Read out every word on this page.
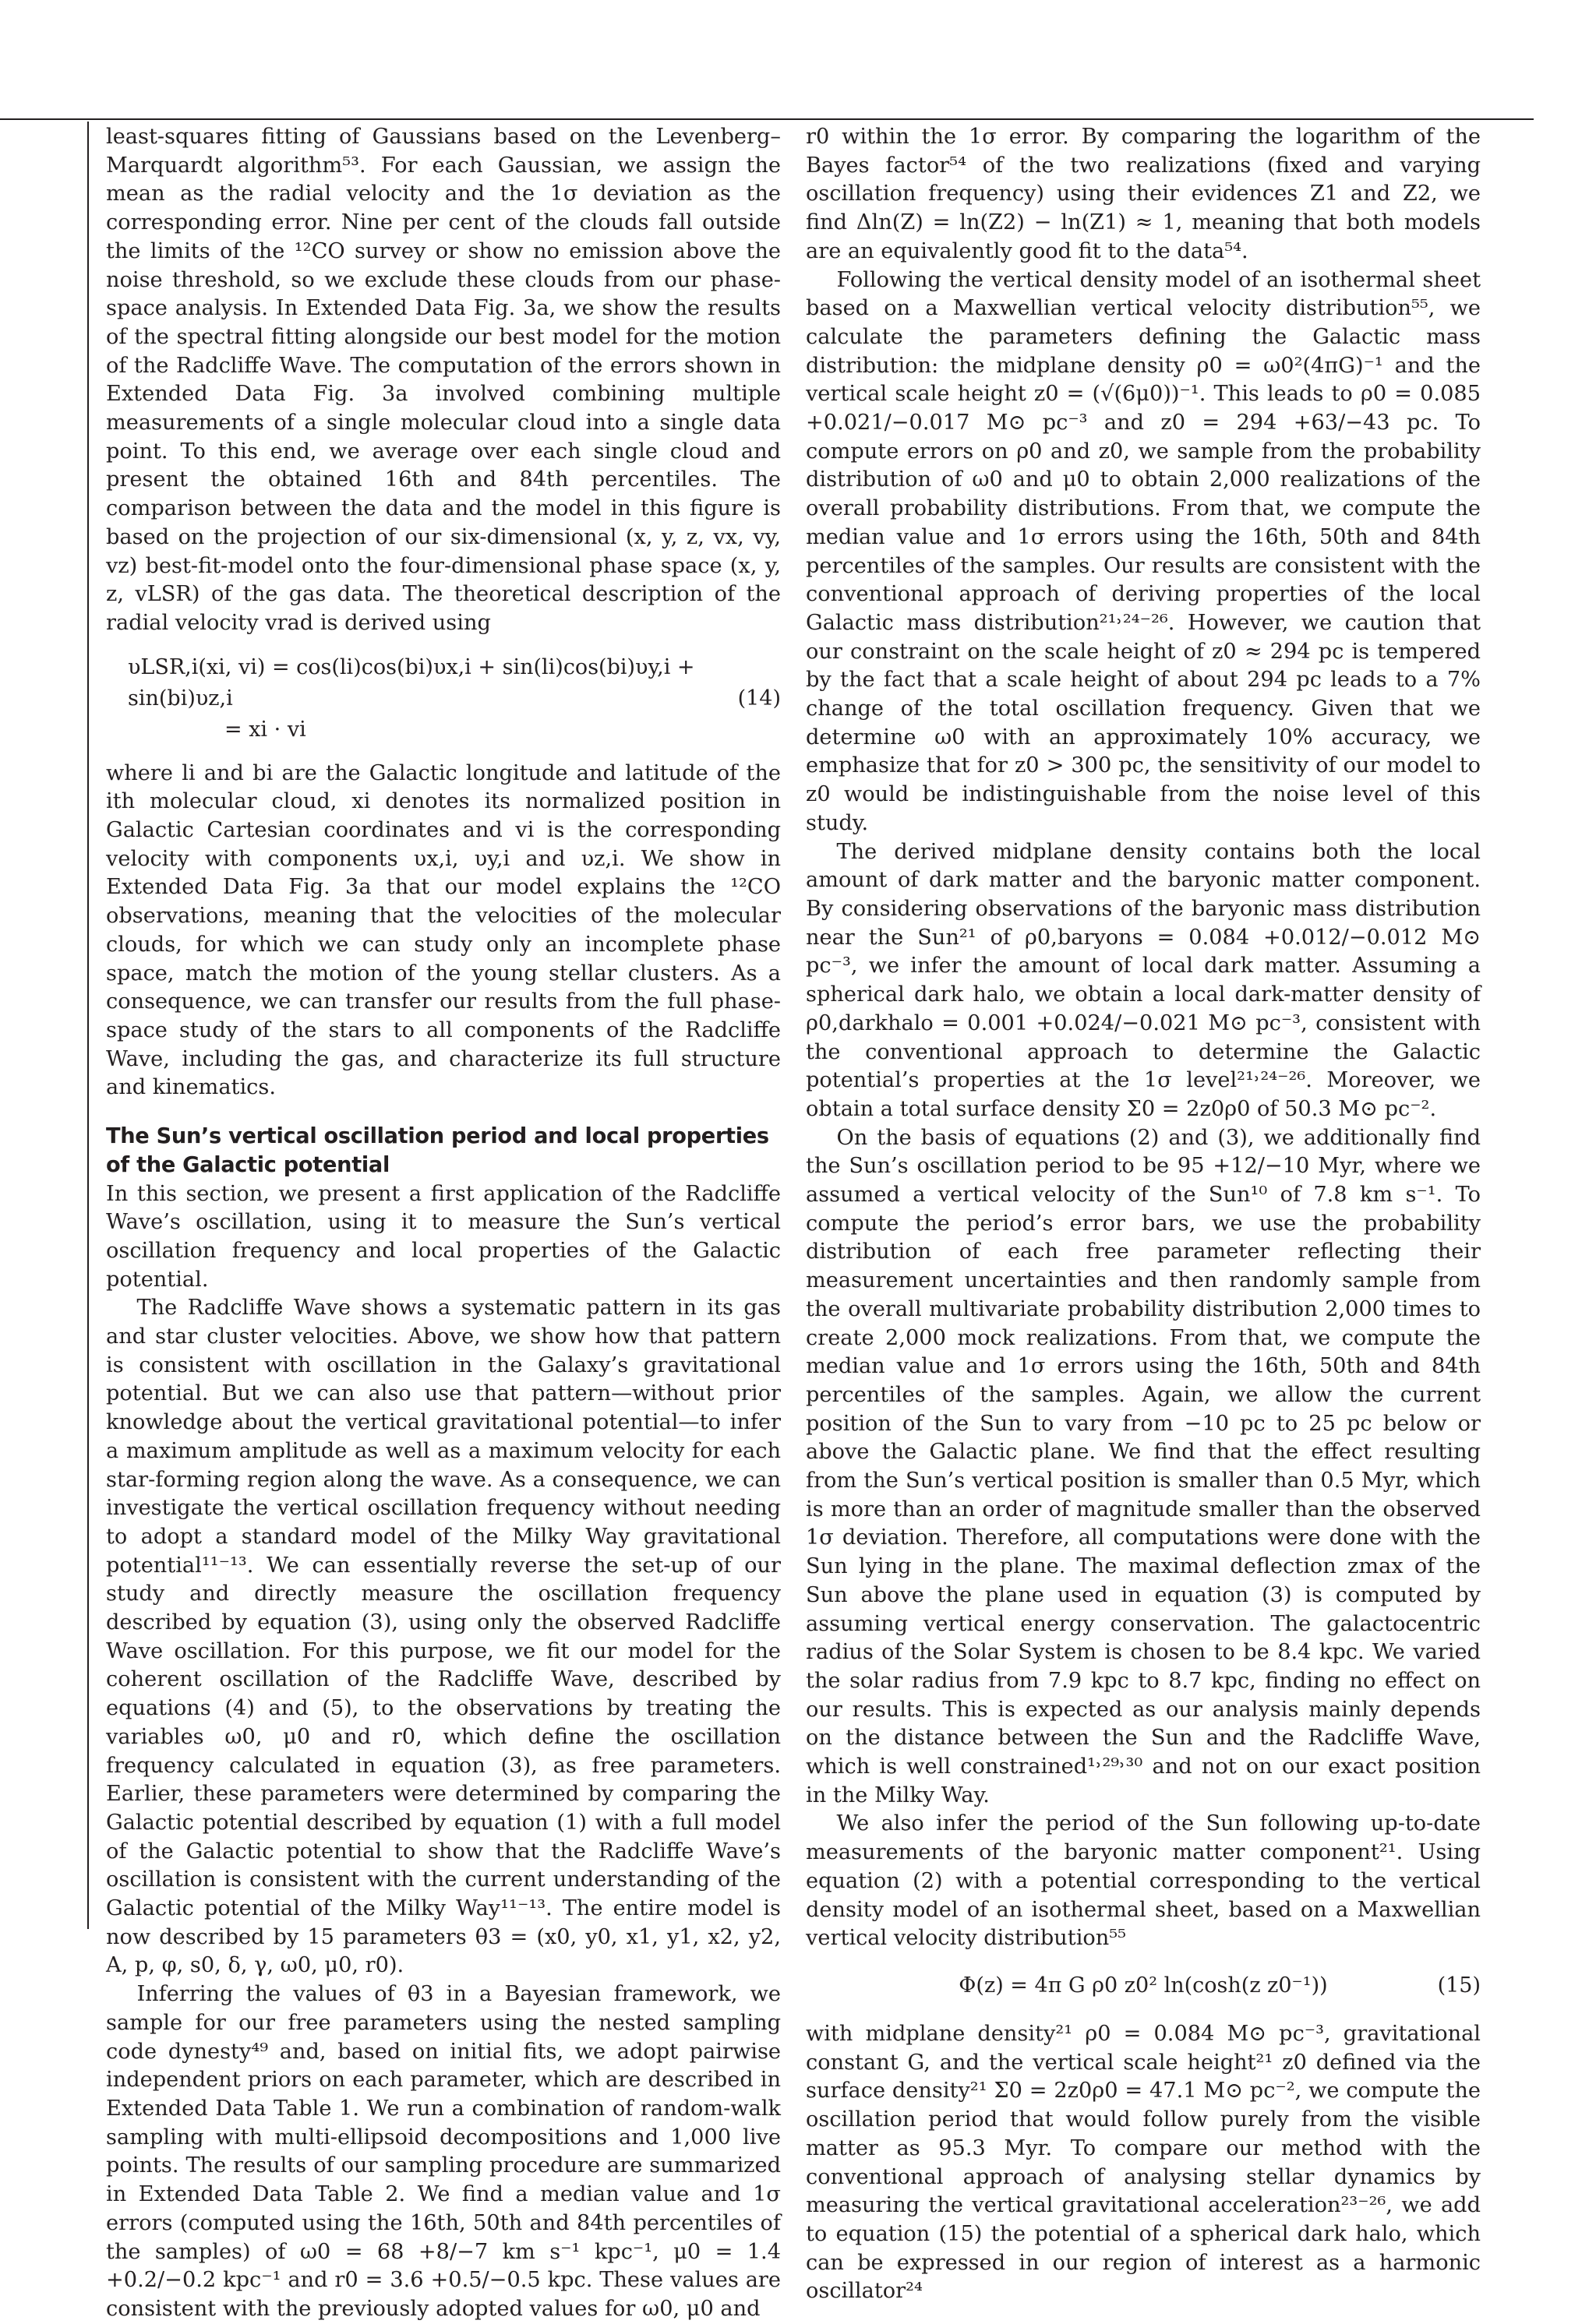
least-squares fitting of Gaussians based on the Levenberg–Marquardt algorithm⁵³. For each Gaussian, we assign the mean as the radial velocity and the 1σ deviation as the corresponding error. Nine per cent of the clouds fall outside the limits of the ¹²CO survey or show no emission above the noise threshold, so we exclude these clouds from our phase-space analysis. In Extended Data Fig. 3a, we show the results of the spectral fitting alongside our best model for the motion of the Radcliffe Wave. The computation of the errors shown in Extended Data Fig. 3a involved combining multiple measurements of a single molecular cloud into a single data point. To this end, we average over each single cloud and present the obtained 16th and 84th percentiles. The comparison between the data and the model in this figure is based on the projection of our six-dimensional (x, y, z, vx, vy, vz) best-fit-model onto the four-dimensional phase space (x, y, z, vLSR) of the gas data. The theoretical description of the radial velocity vrad is derived using

υLSR,i(xi, vi) = cos(li)cos(bi)υx,i + sin(li)cos(bi)υy,i + sin(bi)υz,i
= xi · vi
(14)

where li and bi are the Galactic longitude and latitude of the ith molecular cloud, xi denotes its normalized position in Galactic Cartesian coordinates and vi is the corresponding velocity with components υx,i, υy,i and υz,i. We show in Extended Data Fig. 3a that our model explains the ¹²CO observations, meaning that the velocities of the molecular clouds, for which we can study only an incomplete phase space, match the motion of the young stellar clusters. As a consequence, we can transfer our results from the full phase-space study of the stars to all components of the Radcliffe Wave, including the gas, and characterize its full structure and kinematics.

The Sun’s vertical oscillation period and local properties of the Galactic potential

In this section, we present a first application of the Radcliffe Wave’s oscillation, using it to measure the Sun’s vertical oscillation frequency and local properties of the Galactic potential.

The Radcliffe Wave shows a systematic pattern in its gas and star cluster velocities. Above, we show how that pattern is consistent with oscillation in the Galaxy’s gravitational potential. But we can also use that pattern—without prior knowledge about the vertical gravitational potential—to infer a maximum amplitude as well as a maximum velocity for each star-forming region along the wave. As a consequence, we can investigate the vertical oscillation frequency without needing to adopt a standard model of the Milky Way gravitational potential¹¹⁻¹³. We can essentially reverse the set-up of our study and directly measure the oscillation frequency described by equation (3), using only the observed Radcliffe Wave oscillation. For this purpose, we fit our model for the coherent oscillation of the Radcliffe Wave, described by equations (4) and (5), to the observations by treating the variables ω0, μ0 and r0, which define the oscillation frequency calculated in equation (3), as free parameters. Earlier, these parameters were determined by comparing the Galactic potential described by equation (1) with a full model of the Galactic potential to show that the Radcliffe Wave’s oscillation is consistent with the current understanding of the Galactic potential of the Milky Way¹¹⁻¹³. The entire model is now described by 15 parameters θ3 = (x0, y0, x1, y1, x2, y2, A, p, φ, s0, δ, γ, ω0, μ0, r0).

Inferring the values of θ3 in a Bayesian framework, we sample for our free parameters using the nested sampling code dynesty⁴⁹ and, based on initial fits, we adopt pairwise independent priors on each parameter, which are described in Extended Data Table 1. We run a combination of random-walk sampling with multi-ellipsoid decompositions and 1,000 live points. The results of our sampling procedure are summarized in Extended Data Table 2. We find a median value and 1σ errors (computed using the 16th, 50th and 84th percentiles of the samples) of ω0 = 68 +8/−7 km s⁻¹ kpc⁻¹, μ0 = 1.4 +0.2/−0.2 kpc⁻¹ and r0 = 3.6 +0.5/−0.5 kpc. These values are consistent with the previously adopted values for ω0, μ0 and

r0 within the 1σ error. By comparing the logarithm of the Bayes factor⁵⁴ of the two realizations (fixed and varying oscillation frequency) using their evidences Z1 and Z2, we find Δln(Z) = ln(Z2) − ln(Z1) ≈ 1, meaning that both models are an equivalently good fit to the data⁵⁴.

Following the vertical density model of an isothermal sheet based on a Maxwellian vertical velocity distribution⁵⁵, we calculate the parameters defining the Galactic mass distribution: the midplane density ρ0 = ω0²(4πG)⁻¹ and the vertical scale height z0 = (√(6μ0))⁻¹. This leads to ρ0 = 0.085 +0.021/−0.017 M⊙ pc⁻³ and z0 = 294 +63/−43 pc. To compute errors on ρ0 and z0, we sample from the probability distribution of ω0 and μ0 to obtain 2,000 realizations of the overall probability distributions. From that, we compute the median value and 1σ errors using the 16th, 50th and 84th percentiles of the samples. Our results are consistent with the conventional approach of deriving properties of the local Galactic mass distribution²¹˒²⁴⁻²⁶. However, we caution that our constraint on the scale height of z0 ≈ 294 pc is tempered by the fact that a scale height of about 294 pc leads to a 7% change of the total oscillation frequency. Given that we determine ω0 with an approximately 10% accuracy, we emphasize that for z0 > 300 pc, the sensitivity of our model to z0 would be indistinguishable from the noise level of this study.

The derived midplane density contains both the local amount of dark matter and the baryonic matter component. By considering observations of the baryonic mass distribution near the Sun²¹ of ρ0,baryons = 0.084 +0.012/−0.012 M⊙ pc⁻³, we infer the amount of local dark matter. Assuming a spherical dark halo, we obtain a local dark-matter density of ρ0,darkhalo = 0.001 +0.024/−0.021 M⊙ pc⁻³, consistent with the conventional approach to determine the Galactic potential’s properties at the 1σ level²¹˒²⁴⁻²⁶. Moreover, we obtain a total surface density Σ0 = 2z0ρ0 of 50.3 M⊙ pc⁻².

On the basis of equations (2) and (3), we additionally find the Sun’s oscillation period to be 95 +12/−10 Myr, where we assumed a vertical velocity of the Sun¹⁰ of 7.8 km s⁻¹. To compute the period’s error bars, we use the probability distribution of each free parameter reflecting their measurement uncertainties and then randomly sample from the overall multivariate probability distribution 2,000 times to create 2,000 mock realizations. From that, we compute the median value and 1σ errors using the 16th, 50th and 84th percentiles of the samples. Again, we allow the current position of the Sun to vary from −10 pc to 25 pc below or above the Galactic plane. We find that the effect resulting from the Sun’s vertical position is smaller than 0.5 Myr, which is more than an order of magnitude smaller than the observed 1σ deviation. Therefore, all computations were done with the Sun lying in the plane. The maximal deflection zmax of the Sun above the plane used in equation (3) is computed by assuming vertical energy conservation. The galactocentric radius of the Solar System is chosen to be 8.4 kpc. We varied the solar radius from 7.9 kpc to 8.7 kpc, finding no effect on our results. This is expected as our analysis mainly depends on the distance between the Sun and the Radcliffe Wave, which is well constrained¹˒²⁹˒³⁰ and not on our exact position in the Milky Way.

We also infer the period of the Sun following up-to-date measurements of the baryonic matter component²¹. Using equation (2) with a potential corresponding to the vertical density model of an isothermal sheet, based on a Maxwellian vertical velocity distribution⁵⁵

Φ(z) = 4π G ρ0 z0² ln(cosh(z z0⁻¹))	(15)

with midplane density²¹ ρ0 = 0.084 M⊙ pc⁻³, gravitational constant G, and the vertical scale height²¹ z0 defined via the surface density²¹ Σ0 = 2z0ρ0 = 47.1 M⊙ pc⁻², we compute the oscillation period that would follow purely from the visible matter as 95.3 Myr. To compare our method with the conventional approach of analysing stellar dynamics by measuring the vertical gravitational acceleration²³⁻²⁶, we add to equation (15) the potential of a spherical dark halo, which can be expressed in our region of interest as a harmonic oscillator²⁴
